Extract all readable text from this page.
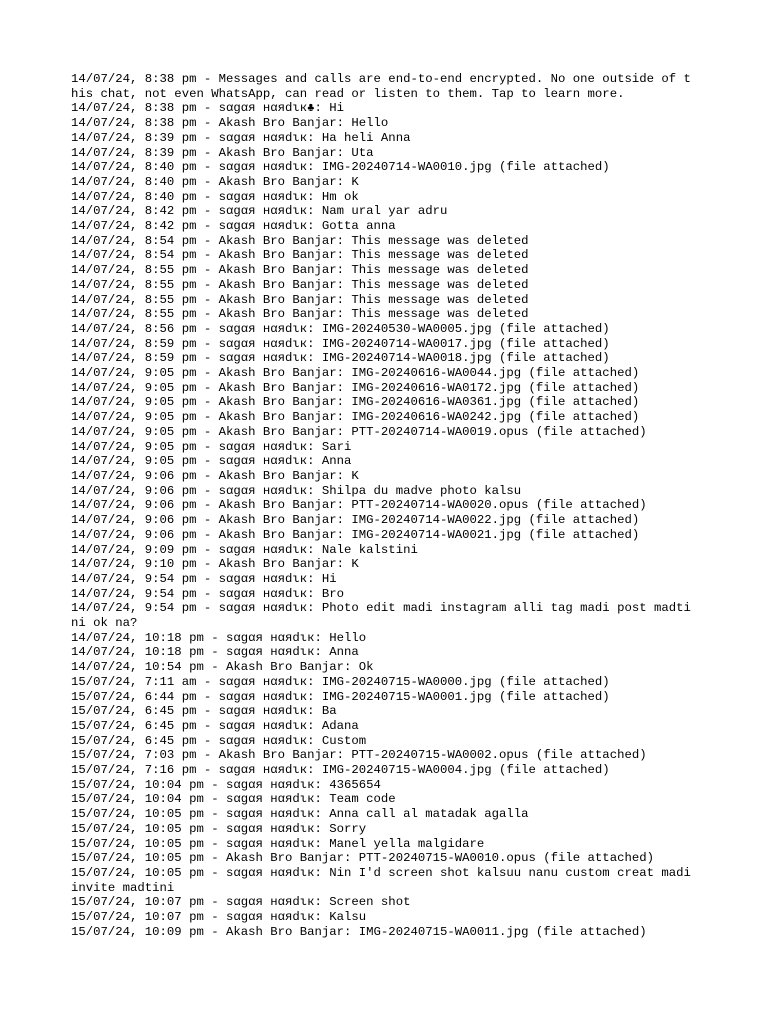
14/07/24, 8:38 pm - Messages and calls are end-to-end encrypted. No one outside of this chat, not even WhatsApp, can read or listen to them. Tap to learn more.
14/07/24, 8:38 pm - ѕαgαя нαяdιк♣: Hi
14/07/24, 8:38 pm - Akash Bro Banjar: Hello
14/07/24, 8:39 pm - ѕαgαя нαяdιк: Ha heli Anna
14/07/24, 8:39 pm - Akash Bro Banjar: Uta
14/07/24, 8:40 pm - ѕαgαя нαяdιк: IMG-20240714-WA0010.jpg (file attached)
14/07/24, 8:40 pm - Akash Bro Banjar: K
14/07/24, 8:40 pm - ѕαgαя нαяdιк: Hm ok
14/07/24, 8:42 pm - ѕαgαя нαяdιк: Nam ural yar adru
14/07/24, 8:42 pm - ѕαgαя нαяdιк: Gotta anna
14/07/24, 8:54 pm - Akash Bro Banjar: This message was deleted
14/07/24, 8:54 pm - Akash Bro Banjar: This message was deleted
14/07/24, 8:55 pm - Akash Bro Banjar: This message was deleted
14/07/24, 8:55 pm - Akash Bro Banjar: This message was deleted
14/07/24, 8:55 pm - Akash Bro Banjar: This message was deleted
14/07/24, 8:55 pm - Akash Bro Banjar: This message was deleted
14/07/24, 8:56 pm - ѕαgαя нαяdιк: IMG-20240530-WA0005.jpg (file attached)
14/07/24, 8:59 pm - ѕαgαя нαяdιк: IMG-20240714-WA0017.jpg (file attached)
14/07/24, 8:59 pm - ѕαgαя нαяdιк: IMG-20240714-WA0018.jpg (file attached)
14/07/24, 9:05 pm - Akash Bro Banjar: IMG-20240616-WA0044.jpg (file attached)
14/07/24, 9:05 pm - Akash Bro Banjar: IMG-20240616-WA0172.jpg (file attached)
14/07/24, 9:05 pm - Akash Bro Banjar: IMG-20240616-WA0361.jpg (file attached)
14/07/24, 9:05 pm - Akash Bro Banjar: IMG-20240616-WA0242.jpg (file attached)
14/07/24, 9:05 pm - Akash Bro Banjar: PTT-20240714-WA0019.opus (file attached)
14/07/24, 9:05 pm - ѕαgαя нαяdιк: Sari
14/07/24, 9:05 pm - ѕαgαя нαяdιк: Anna
14/07/24, 9:06 pm - Akash Bro Banjar: K
14/07/24, 9:06 pm - ѕαgαя нαяdιк: Shilpa du madve photo kalsu
14/07/24, 9:06 pm - Akash Bro Banjar: PTT-20240714-WA0020.opus (file attached)
14/07/24, 9:06 pm - Akash Bro Banjar: IMG-20240714-WA0022.jpg (file attached)
14/07/24, 9:06 pm - Akash Bro Banjar: IMG-20240714-WA0021.jpg (file attached)
14/07/24, 9:09 pm - ѕαgαя нαяdιк: Nale kalstini
14/07/24, 9:10 pm - Akash Bro Banjar: K
14/07/24, 9:54 pm - ѕαgαя нαяdιк: Hi
14/07/24, 9:54 pm - ѕαgαя нαяdιк: Bro
14/07/24, 9:54 pm - ѕαgαя нαяdιк: Photo edit madi instagram alli tag madi post madtini ok na?
14/07/24, 10:18 pm - ѕαgαя нαяdιк: Hello
14/07/24, 10:18 pm - ѕαgαя нαяdιк: Anna
14/07/24, 10:54 pm - Akash Bro Banjar: Ok
15/07/24, 7:11 am - ѕαgαя нαяdιк: IMG-20240715-WA0000.jpg (file attached)
15/07/24, 6:44 pm - ѕαgαя нαяdιк: IMG-20240715-WA0001.jpg (file attached)
15/07/24, 6:45 pm - ѕαgαя нαяdιк: Ba
15/07/24, 6:45 pm - ѕαgαя нαяdιк: Adana
15/07/24, 6:45 pm - ѕαgαя нαяdιк: Custom
15/07/24, 7:03 pm - Akash Bro Banjar: PTT-20240715-WA0002.opus (file attached)
15/07/24, 7:16 pm - ѕαgαя нαяdιк: IMG-20240715-WA0004.jpg (file attached)
15/07/24, 10:04 pm - ѕαgαя нαяdιк: 4365654
15/07/24, 10:04 pm - ѕαgαя нαяdιк: Team code
15/07/24, 10:05 pm - ѕαgαя нαяdιк: Anna call al matadak agalla
15/07/24, 10:05 pm - ѕαgαя нαяdιк: Sorry
15/07/24, 10:05 pm - ѕαgαя нαяdιк: Manel yella malgidare
15/07/24, 10:05 pm - Akash Bro Banjar: PTT-20240715-WA0010.opus (file attached)
15/07/24, 10:05 pm - ѕαgαя нαяdιк: Nin I'd screen shot kalsuu nanu custom creat madi invite madtini
15/07/24, 10:07 pm - ѕαgαя нαяdιк: Screen shot
15/07/24, 10:07 pm - ѕαgαя нαяdιк: Kalsu
15/07/24, 10:09 pm - Akash Bro Banjar: IMG-20240715-WA0011.jpg (file attached)
